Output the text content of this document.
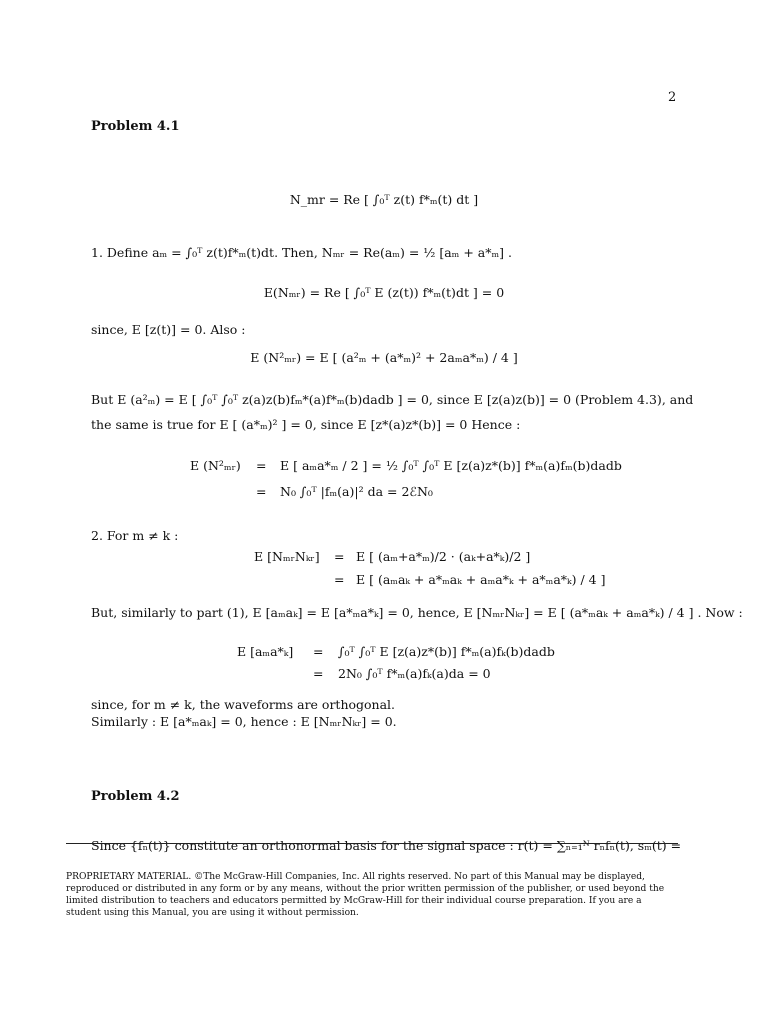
2
Problem 4.1
N_mr = Re [ ∫₀ᵀ z(t) f*ₘ(t) dt ]
1. Define aₘ = ∫₀ᵀ z(t)f*ₘ(t)dt. Then, Nₘᵣ = Re(aₘ) = ½ [aₘ + a*ₘ] .
E(Nₘᵣ) = Re [ ∫₀ᵀ E (z(t)) f*ₘ(t)dt ] = 0
since, E [z(t)] = 0. Also :
E (N²ₘᵣ) = E [ (a²ₘ + (a*ₘ)² + 2aₘa*ₘ) / 4 ]
But E (a²ₘ) = E [ ∫₀ᵀ ∫₀ᵀ z(a)z(b)fₘ*(a)f*ₘ(b)dadb ] = 0, since E [z(a)z(b)] = 0 (Problem 4.3), and
the same is true for E [ (a*ₘ)² ] = 0, since E [z*(a)z*(b)] = 0 Hence :
E (N²ₘᵣ) = E [ aₘa*ₘ / 2 ] = ½ ∫₀ᵀ ∫₀ᵀ E [z(a)z*(b)] f*ₘ(a)fₘ(b)dadb
= N₀ ∫₀ᵀ |fₘ(a)|² da = 2ℰN₀
2. For m ≠ k :
E [NₘᵣNₖᵣ] = E [ (aₘ+a*ₘ)/2 · (aₖ+a*ₖ)/2 ]
= E [ (aₘaₖ + a*ₘaₖ + aₘa*ₖ + a*ₘa*ₖ) / 4 ]
But, similarly to part (1), E [aₘaₖ] = E [a*ₘa*ₖ] = 0, hence, E [NₘᵣNₖᵣ] = E [ (a*ₘaₖ + aₘa*ₖ) / 4 ] . Now :
E [aₘa*ₖ] = ∫₀ᵀ ∫₀ᵀ E [z(a)z*(b)] f*ₘ(a)fₖ(b)dadb
= 2N₀ ∫₀ᵀ f*ₘ(a)fₖ(a)da = 0
since, for m ≠ k, the waveforms are orthogonal.
Similarly : E [a*ₘaₖ] = 0, hence : E [NₘᵣNₖᵣ] = 0.
Problem 4.2
Since {fₙ(t)} constitute an orthonormal basis for the signal space : r(t) = ∑ₙ₌₁ᴺ rₙfₙ(t), sₘ(t) =
PROPRIETARY MATERIAL. ©The McGraw-Hill Companies, Inc. All rights reserved. No part of this Manual may be displayed, reproduced or distributed in any form or by any means, without the prior written permission of the publisher, or used beyond the limited distribution to teachers and educators permitted by McGraw-Hill for their individual course preparation. If you are a student using this Manual, you are using it without permission.
